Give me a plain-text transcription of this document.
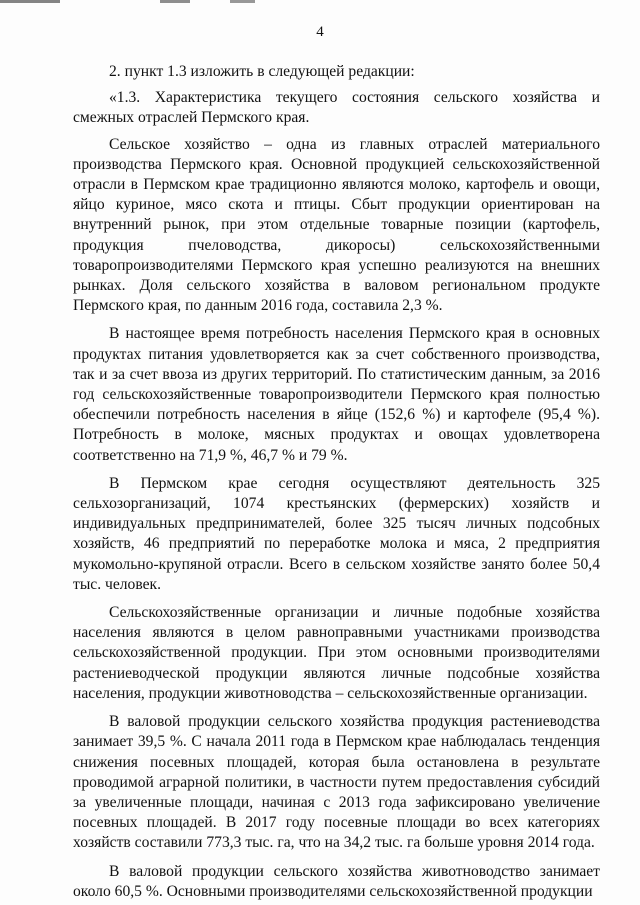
4

2. пункт 1.3 изложить в следующей редакции:

«1.3. Характеристика текущего состояния сельского хозяйства и смежных отраслей Пермского края.

Сельское хозяйство – одна из главных отраслей материального производства Пермского края. Основной продукцией сельскохозяйственной отрасли в Пермском крае традиционно являются молоко, картофель и овощи, яйцо куриное, мясо скота и птицы. Сбыт продукции ориентирован на внутренний рынок, при этом отдельные товарные позиции (картофель, продукция пчеловодства, дикоросы) сельскохозяйственными товаропроизводителями Пермского края успешно реализуются на внешних рынках. Доля сельского хозяйства в валовом региональном продукте Пермского края, по данным 2016 года, составила 2,3 %.

В настоящее время потребность населения Пермского края в основных продуктах питания удовлетворяется как за счет собственного производства, так и за счет ввоза из других территорий. По статистическим данным, за 2016 год сельскохозяйственные товаропроизводители Пермского края полностью обеспечили потребность населения в яйце (152,6 %) и картофеле (95,4 %). Потребность в молоке, мясных продуктах и овощах удовлетворена соответственно на 71,9 %, 46,7 % и 79 %.

В Пермском крае сегодня осуществляют деятельность 325 сельхозорганизаций, 1074 крестьянских (фермерских) хозяйств и индивидуальных предпринимателей, более 325 тысяч личных подсобных хозяйств, 46 предприятий по переработке молока и мяса, 2 предприятия мукомольно-крупяной отрасли. Всего в сельском хозяйстве занято более 50,4 тыс. человек.

Сельскохозяйственные организации и личные подобные хозяйства населения являются в целом равноправными участниками производства сельскохозяйственной продукции. При этом основными производителями растениеводческой продукции являются личные подсобные хозяйства населения, продукции животноводства – сельскохозяйственные организации.

В валовой продукции сельского хозяйства продукция растениеводства занимает 39,5 %. С начала 2011 года в Пермском крае наблюдалась тенденция снижения посевных площадей, которая была остановлена в результате проводимой аграрной политики, в частности путем предоставления субсидий за увеличенные площади, начиная с 2013 года зафиксировано увеличение посевных площадей. В 2017 году посевные площади во всех категориях хозяйств составили 773,3 тыс. га, что на 34,2 тыс. га больше уровня 2014 года.

В валовой продукции сельского хозяйства животноводство занимает около 60,5 %. Основными производителями сельскохозяйственной продукции
